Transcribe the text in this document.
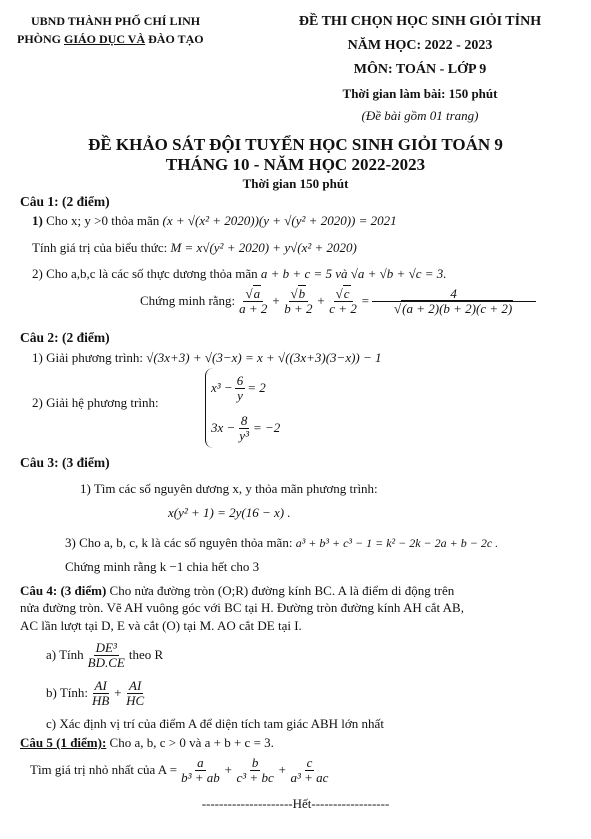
UBND THÀNH PHỐ CHÍ LINH
PHÒNG GIÁO DỤC VÀ ĐÀO TẠO
ĐỀ THI CHỌN HỌC SINH GIỎI TỈNH
NĂM HỌC: 2022 - 2023
MÔN: TOÁN - LỚP 9
Thời gian làm bài: 150 phút
(Đề bài gồm 01 trang)
ĐỀ KHẢO SÁT ĐỘI TUYỂN HỌC SINH GIỎI TOÁN 9
THÁNG 10 - NĂM HỌC 2022-2023
Thời gian 150 phút
Câu 1: (2 điểm)
1) Cho x; y >0 thỏa mãn (x + √(x² + 2020))(y + √(y² + 2020)) = 2021
Tính giá trị của biểu thức: M = x√(y² + 2020) + y√(x² + 2020)
2) Cho a,b,c là các số thực dương thỏa mãn a + b + c = 5 và √a + √b + √c = 3.
Chứng minh rằng: $\frac{√a}{a + 2} + \frac{√b}{b + 2} + \frac{√c}{c + 2} = \frac{4}{√(a + 2)(b + 2)(c + 2)}$
Câu 2: (2 điểm)
1) Giải phương trình: √(3x+3) + √(3−x) = x + √((3x+3)(3−x)) − 1
2) Giải hệ phương trình:
$x^3 - \frac{6}{y} = 2$
$3x - \frac{8}{\text{y³}} = -2$
Câu 3: (3 điểm)
1) Tìm các số nguyên dương x, y thỏa mãn phương trình:
x(y² + 1) = 2y(16 − x) .
3) Cho a, b, c, k là các số nguyên thỏa mãn: a³ + b³ + c³ − 1 = k² − 2k − 2a + b − 2c .
Chứng minh rằng k −1 chia hết cho 3
Câu 4: (3 điểm) Cho nửa đường tròn (O;R) đường kính BC. A là điểm di động trên
nửa đường tròn. Vẽ AH vuông góc với BC tại H. Đường tròn đường kính AH cắt AB,
AC lần lượt tại D, E và cắt (O) tại M. AO cắt DE tại I.
a) Tính $\frac{\text{DE³}}{BD.CE}$ theo R
b) Tính: $\frac{AI}{HB} + \frac{AI}{HC}$
c) Xác định vị trí của điểm A để diện tích tam giác ABH lớn nhất
Câu 5 (1 điểm): Cho a, b, c > 0 và a + b + c = 3.
Tìm giá trị nhỏ nhất của $A = \frac{a}{\text{b³ + ab}} + \frac{b}{\text{c³ + bc}} + \frac{c}{\text{a³ + ac}}$
---------------------Hết------------------
